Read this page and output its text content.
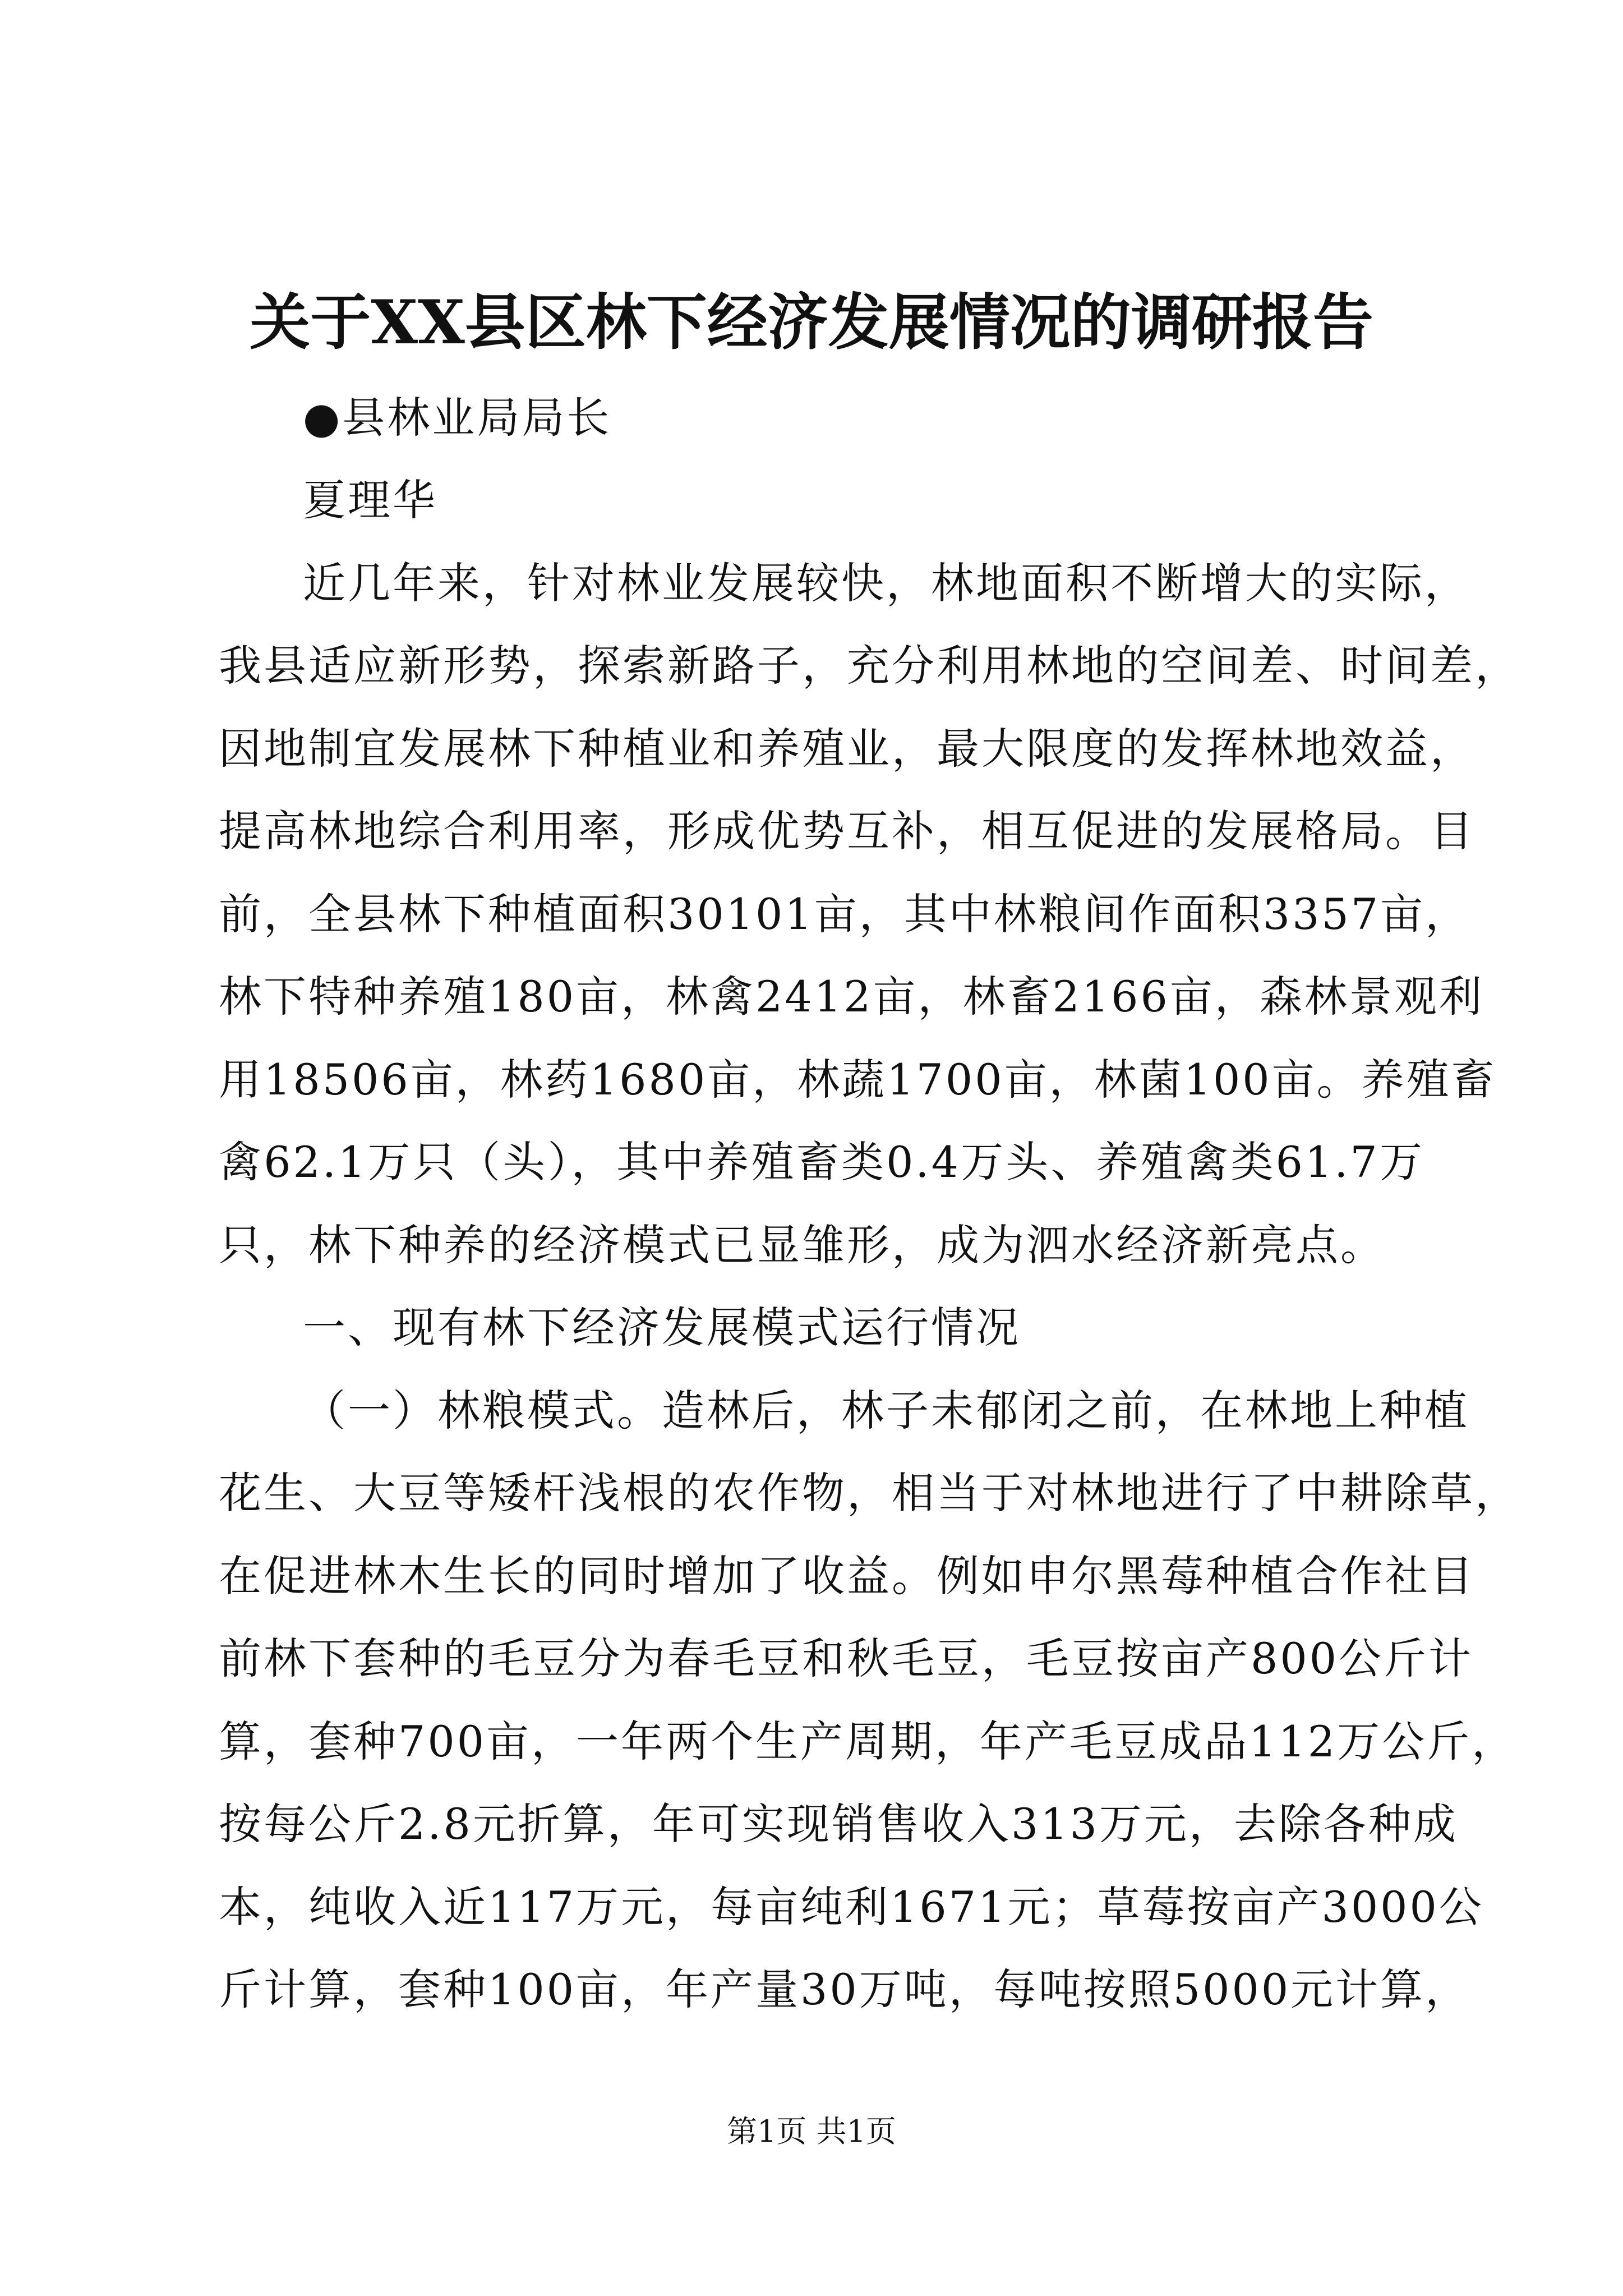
关于XX县区林下经济发展情况的调研报告
●县林业局局长
夏理华
近几年来，针对林业发展较快，林地面积不断增大的实际，
我县适应新形势，探索新路子，充分利用林地的空间差、时间差，
因地制宜发展林下种植业和养殖业，最大限度的发挥林地效益，
提高林地综合利用率，形成优势互补，相互促进的发展格局。目
前，全县林下种植面积30101亩，其中林粮间作面积3357亩，
林下特种养殖180亩，林禽2412亩，林畜2166亩，森林景观利
用18506亩，林药1680亩，林蔬1700亩，林菌100亩。养殖畜
禽62.1万只（头），其中养殖畜类0.4万头、养殖禽类61.7万
只，林下种养的经济模式已显雏形，成为泗水经济新亮点。
一、现有林下经济发展模式运行情况
（一）林粮模式。造林后，林子未郁闭之前，在林地上种植
花生、大豆等矮杆浅根的农作物，相当于对林地进行了中耕除草，
在促进林木生长的同时增加了收益。例如申尔黑莓种植合作社目
前林下套种的毛豆分为春毛豆和秋毛豆，毛豆按亩产800公斤计
算，套种700亩，一年两个生产周期，年产毛豆成品112万公斤，
按每公斤2.8元折算，年可实现销售收入313万元，去除各种成
本，纯收入近117万元，每亩纯利1671元；草莓按亩产3000公
斤计算，套种100亩，年产量30万吨，每吨按照5000元计算，
第1页 共1页
